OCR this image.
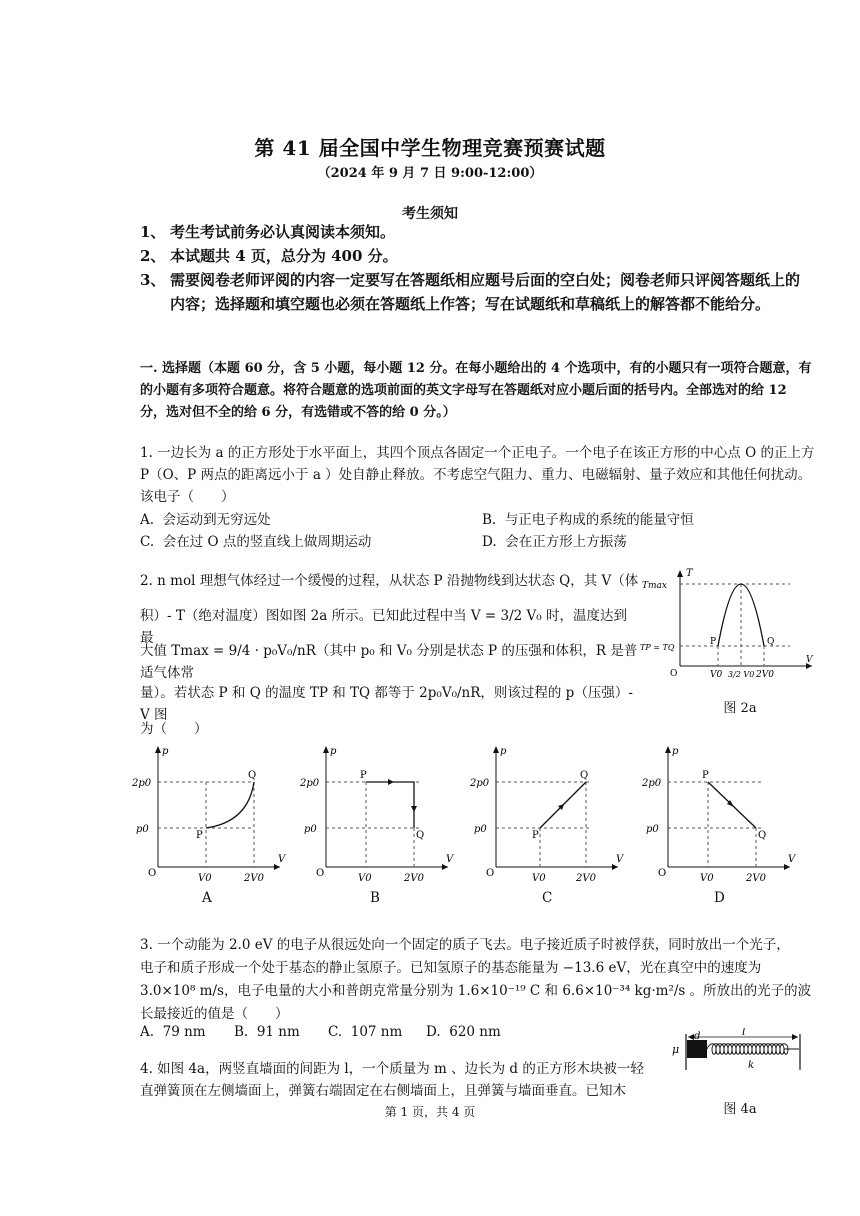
第 41 届全国中学生物理竞赛预赛试题
（2024 年 9 月 7 日 9:00-12:00）
考生须知
1、 考生考试前务必认真阅读本须知。
2、 本试题共 4 页，总分为 400 分。
3、 需要阅卷老师评阅的内容一定要写在答题纸相应题号后面的空白处；阅卷老师只评阅答题纸上的内容；选择题和填空题也必须在答题纸上作答；写在试题纸和草稿纸上的解答都不能给分。
一. 选择题（本题 60 分，含 5 小题，每小题 12 分。在每小题给出的 4 个选项中，有的小题只有一项符合题意，有的小题有多项符合题意。将符合题意的选项前面的英文字母写在答题纸对应小题后面的括号内。全部选对的给 12 分，选对但不全的给 6 分，有选错或不答的给 0 分。）
1. 一边长为 a 的正方形处于水平面上，其四个顶点各固定一个正电子。一个电子在该正方形的中心点 O 的正上方 P（O、P 两点的距离远小于 a ）处自静止释放。不考虑空气阻力、重力、电磁辐射、量子效应和其他任何扰动。该电子（　　）
A. 会运动到无穷远处	B. 与正电子构成的系统的能量守恒
C. 会在过 O 点的竖直线上做周期运动	D. 会在正方形上方振荡
2. n mol 理想气体经过一个缓慢的过程，从状态 P 沿抛物线到达状态 Q，其 V（体
积）- T（绝对温度）图如图 2a 所示。已知此过程中当 V = 3/2 V₀ 时，温度达到最
大值 Tmax = 9/4 · p₀V₀/nR（其中 p₀ 和 V₀ 分别是状态 P 的压强和体积，R 是普适气体常
量）。若状态 P 和 Q 的温度 TP 和 TQ 都等于 2p₀V₀/nR，则该过程的 p（压强）- V 图
为（　　）
Tmax
T
TP = TQ
P	Q
O
V
V0 3/2 V0 2V0
图 2a
p
V
2p0
p0
O	V0	2V0
P
Q
p
V
2p0
p0
O	V0	2V0
P
Q
p
V
2p0
p0
O	V0	2V0
P
Q
p
V
2p0
p0
O	V0	2V0
P
Q
A	B	C	D
3. 一个动能为 2.0 eV 的电子从很远处向一个固定的质子飞去。电子接近质子时被俘获，同时放出一个光子，
电子和质子形成一个处于基态的静止氢原子。已知氢原子的基态能量为 −13.6 eV，光在真空中的速度为
3.0×10⁸ m/s，电子电量的大小和普朗克常量分别为 1.6×10⁻¹⁹ C 和 6.6×10⁻³⁴ kg·m²/s 。所放出的光子的波
长最接近的值是（　　）
A. 79 nm B. 91 nm C. 107 nm D. 620 nm
4. 如图 4a，两竖直墙面的间距为 l，一个质量为 m 、边长为 d 的正方形木块被一轻
直弹簧顶在左侧墙面上，弹簧右端固定在右侧墙面上，且弹簧与墙面垂直。已知木
l
d
μ
k
图 4a
第 1 页，共 4 页
